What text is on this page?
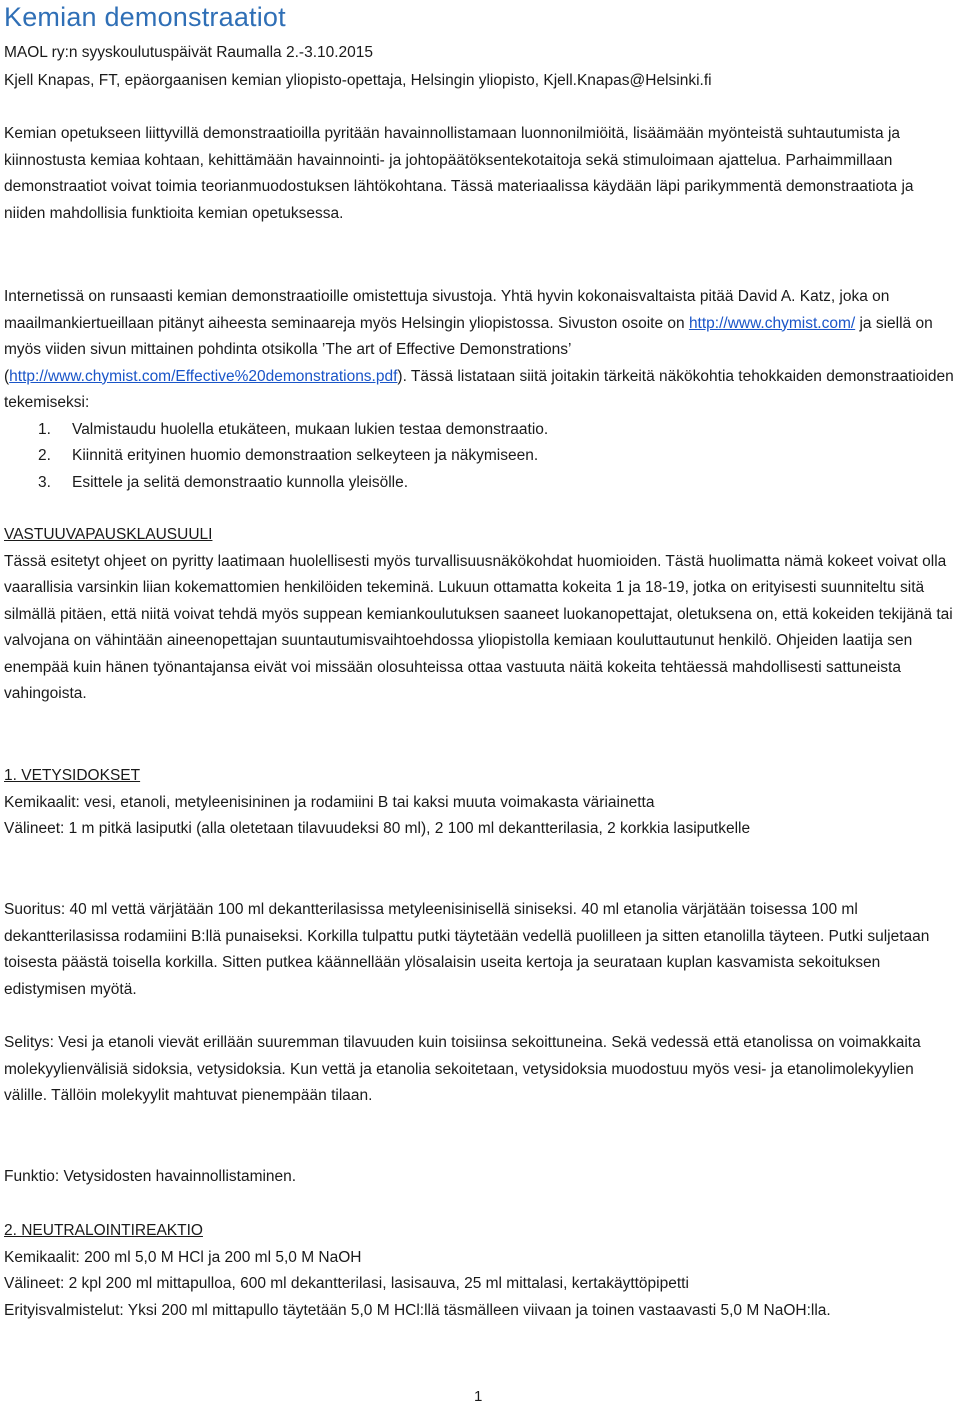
Kemian demonstraatiot
MAOL ry:n syyskoulutuspäivät Raumalla 2.-3.10.2015
Kjell Knapas, FT, epäorgaanisen kemian yliopisto-opettaja, Helsingin yliopisto, Kjell.Knapas@Helsinki.fi

Kemian opetukseen liittyvillä demonstraatioilla pyritään havainnollistamaan luonnonilmiöitä, lisäämään myönteistä suhtautumista ja kiinnostusta kemiaa kohtaan, kehittämään havainnointi- ja johtopäätöksentekotaitoja sekä stimuloimaan ajattelua. Parhaimmillaan demonstraatiot voivat toimia teorianmuodostuksen lähtökohtana. Tässä materiaalissa käydään läpi parikymmentä demonstraatiota ja niiden mahdollisia funktioita kemian opetuksessa.

Internetissä on runsaasti kemian demonstraatioille omistettuja sivustoja. Yhtä hyvin kokonaisvaltaista pitää David A. Katz, joka on maailmankiertueillaan pitänyt aiheesta seminaareja myös Helsingin yliopistossa. Sivuston osoite on http://www.chymist.com/ ja siellä on myös viiden sivun mittainen pohdinta otsikolla ’The art of Effective Demonstrations’ (http://www.chymist.com/Effective%20demonstrations.pdf). Tässä listataan siitä joitakin tärkeitä näkökohtia tehokkaiden demonstraatioiden tekemiseksi:

1.	Valmistaudu huolella etukäteen, mukaan lukien testaa demonstraatio.
2.	Kiinnitä erityinen huomio demonstraation selkeyteen ja näkymiseen.
3.	Esittele ja selitä demonstraatio kunnolla yleisölle.

VASTUUVAPAUSKLAUSUULI

Tässä esitetyt ohjeet on pyritty laatimaan huolellisesti myös turvallisuusnäkökohdat huomioiden. Tästä huolimatta nämä kokeet voivat olla vaarallisia varsinkin liian kokemattomien henkilöiden tekeminä. Lukuun ottamatta kokeita 1 ja 18-19, jotka on erityisesti suunniteltu sitä silmällä pitäen, että niitä voivat tehdä myös suppean kemiankoulutuksen saaneet luokanopettajat, oletuksena on, että kokeiden tekijänä tai valvojana on vähintään aineenopettajan suuntautumisvaihtoehdossa yliopistolla kemiaan kouluttautunut henkilö. Ohjeiden laatija sen enempää kuin hänen työnantajansa eivät voi missään olosuhteissa ottaa vastuuta näitä kokeita tehtäessä mahdollisesti sattuneista vahingoista.

1. VETYSIDOKSET

Kemikaalit: vesi, etanoli, metyleenisininen ja rodamiini B tai kaksi muuta voimakasta väriainetta

Välineet: 1 m pitkä lasiputki (alla oletetaan tilavuudeksi 80 ml), 2 100 ml dekantterilasia, 2 korkkia lasiputkelle

Suoritus: 40 ml vettä värjätään 100 ml dekantterilasissa metyleenisinisellä siniseksi. 40 ml etanolia värjätään toisessa 100 ml dekantterilasissa rodamiini B:llä punaiseksi. Korkilla tulpattu putki täytetään vedellä puolilleen ja sitten etanolilla täyteen. Putki suljetaan toisesta päästä toisella korkilla. Sitten putkea käännellään ylösalaisin useita kertoja ja seurataan kuplan kasvamista sekoituksen edistymisen myötä.

Selitys: Vesi ja etanoli vievät erillään suuremman tilavuuden kuin toisiinsa sekoittuneina. Sekä vedessä että etanolissa on voimakkaita molekyylienvälisiä sidoksia, vetysidoksia. Kun vettä ja etanolia sekoitetaan, vetysidoksia muodostuu myös vesi- ja etanolimolekyylien välille. Tällöin molekyylit mahtuvat pienempään tilaan.

Funktio: Vetysidosten havainnollistaminen.

2. NEUTRALOINTIREAKTIO

Kemikaalit: 200 ml 5,0 M HCl ja 200 ml 5,0 M NaOH

Välineet: 2 kpl 200 ml mittapulloa, 600 ml dekantterilasi, lasisauva, 25 ml mittalasi, kertakäyttöpipetti

Erityisvalmistelut: Yksi 200 ml mittapullo täytetään 5,0 M HCl:llä täsmälleen viivaan ja toinen vastaavasti 5,0 M NaOH:lla.

1
